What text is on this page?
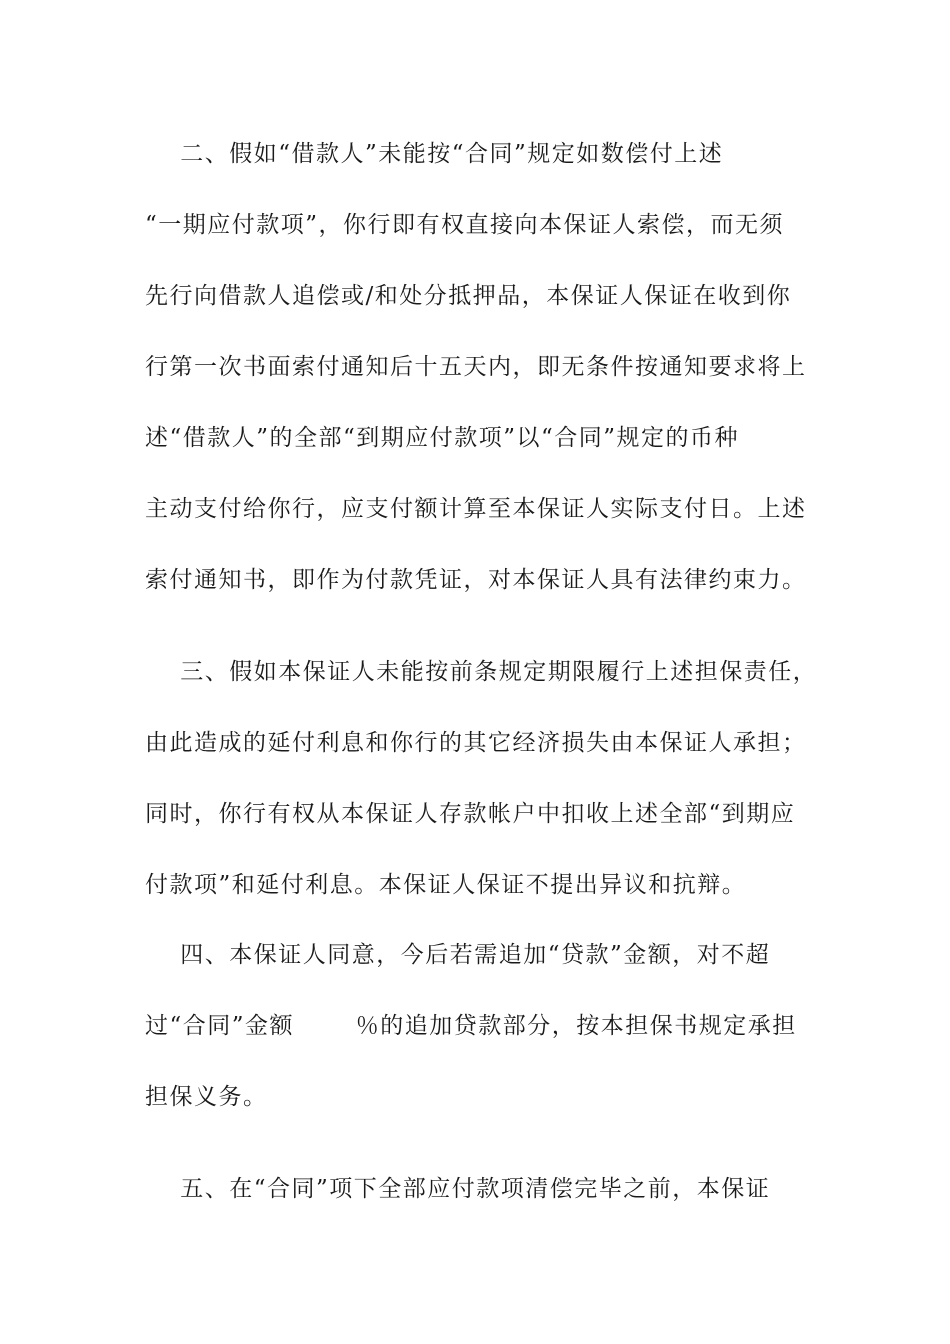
二、假如“借款人”未能按“合同”规定如数偿付上述
“一期应付款项”，你行即有权直接向本保证人索偿，而无须
先行向借款人追偿或/和处分抵押品，本保证人保证在收到你
行第一次书面索付通知后十五天内，即无条件按通知要求将上
述“借款人”的全部“到期应付款项”以“合同”规定的币种
主动支付给你行，应支付额计算至本保证人实际支付日。上述
索付通知书，即作为付款凭证，对本保证人具有法律约束力。
三、假如本保证人未能按前条规定期限履行上述担保责任，
由此造成的延付利息和你行的其它经济损失由本保证人承担；
同时，你行有权从本保证人存款帐户中扣收上述全部“到期应
付款项”和延付利息。本保证人保证不提出异议和抗辩。
四、本保证人同意，今后若需追加“贷款”金额，对不超
过“合同”金额       ％的追加贷款部分，按本担保书规定承担
担保义务。
五、在“合同”项下全部应付款项清偿完毕之前，本保证
